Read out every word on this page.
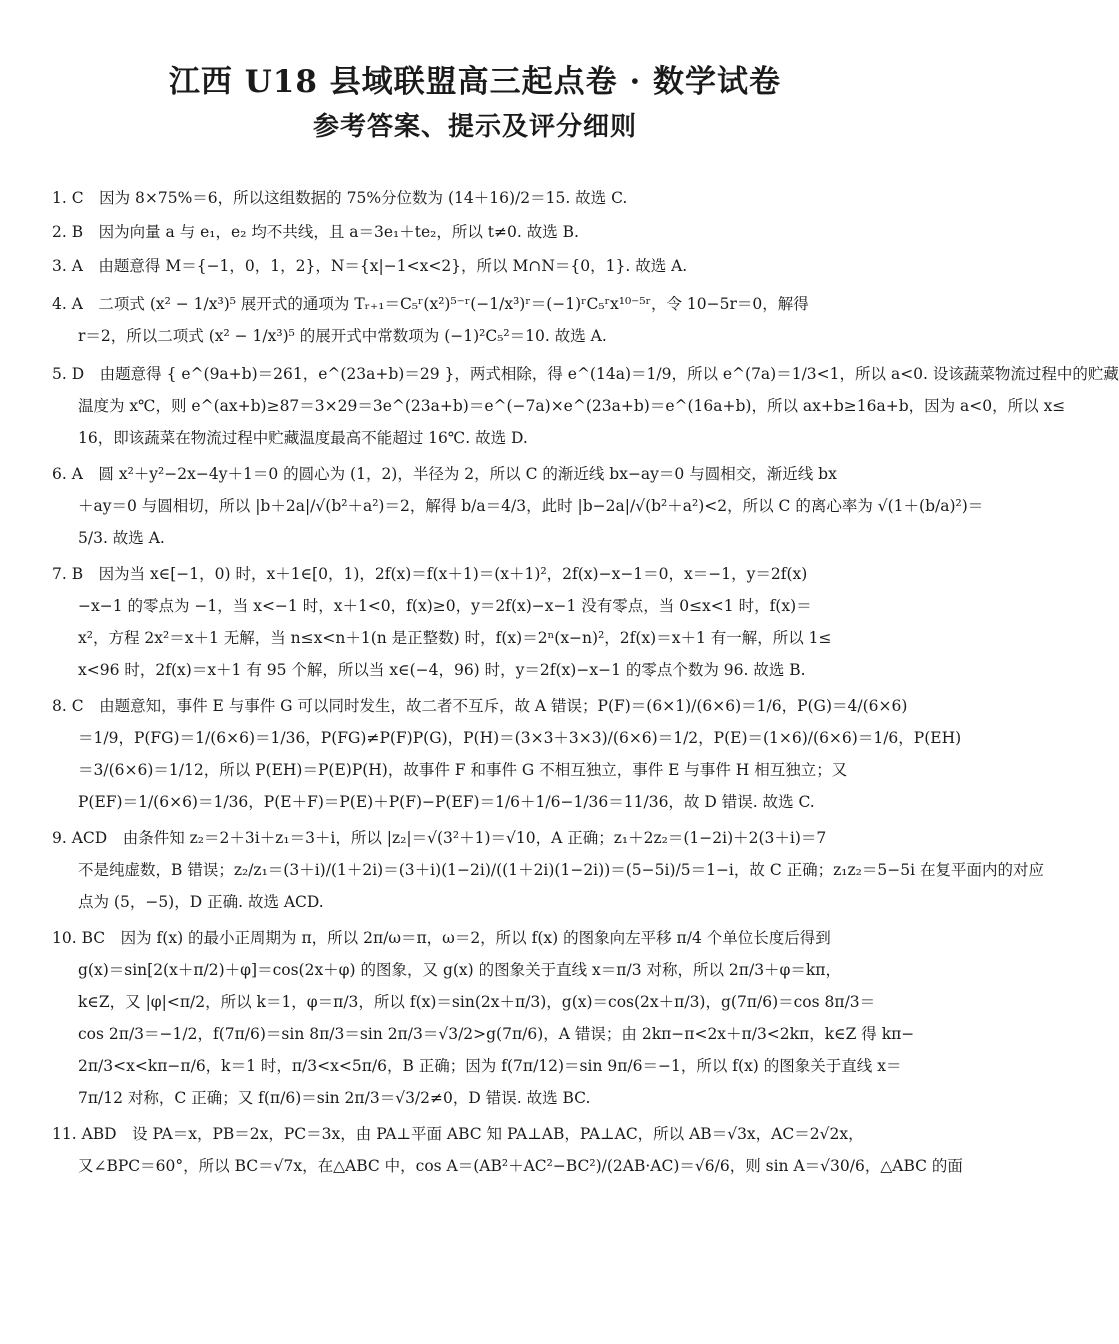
江西 U18 县域联盟高三起点卷 · 数学试卷
参考答案、提示及评分细则
1. C　因为 8×75%＝6，所以这组数据的 75%分位数为 (14＋16)/2＝15. 故选 C.
2. B　因为向量 a 与 e₁，e₂ 均不共线，且 a＝3e₁＋te₂，所以 t≠0. 故选 B.
3. A　由题意得 M＝{−1，0，1，2}，N＝{x|−1<x<2}，所以 M∩N＝{0，1}. 故选 A.
4. A　二项式 (x² − 1/x³)⁵ 展开式的通项为 Tᵣ₊₁＝C₅ʳ(x²)⁵⁻ʳ(−1/x³)ʳ＝(−1)ʳC₅ʳx¹⁰⁻⁵ʳ，令 10−5r＝0，解得
r＝2，所以二项式 (x² − 1/x³)⁵ 的展开式中常数项为 (−1)²C₅²＝10. 故选 A.
5. D　由题意得 { e^(9a+b)＝261，e^(23a+b)＝29 }，两式相除，得 e^(14a)＝1/9，所以 e^(7a)＝1/3<1，所以 a<0. 设该蔬菜物流过程中的贮藏
温度为 x℃，则 e^(ax+b)≥87＝3×29＝3e^(23a+b)＝e^(−7a)×e^(23a+b)＝e^(16a+b)，所以 ax+b≥16a+b，因为 a<0，所以 x≤
16，即该蔬菜在物流过程中贮藏温度最高不能超过 16℃. 故选 D.
6. A　圆 x²＋y²−2x−4y＋1＝0 的圆心为 (1，2)，半径为 2，所以 C 的渐近线 bx−ay＝0 与圆相交，渐近线 bx
＋ay＝0 与圆相切，所以 |b＋2a|/√(b²＋a²)＝2，解得 b/a＝4/3，此时 |b−2a|/√(b²＋a²)<2，所以 C 的离心率为 √(1＋(b/a)²)＝
5/3. 故选 A.
7. B　因为当 x∈[−1，0) 时，x＋1∈[0，1)，2f(x)＝f(x＋1)＝(x＋1)²，2f(x)−x−1＝0，x＝−1，y＝2f(x)
−x−1 的零点为 −1，当 x<−1 时，x＋1<0，f(x)≥0，y＝2f(x)−x−1 没有零点，当 0≤x<1 时，f(x)＝
x²，方程 2x²＝x＋1 无解，当 n≤x<n＋1(n 是正整数) 时，f(x)＝2ⁿ(x−n)²，2f(x)＝x＋1 有一解，所以 1≤
x<96 时，2f(x)＝x＋1 有 95 个解，所以当 x∈(−4，96) 时，y＝2f(x)−x−1 的零点个数为 96. 故选 B.
8. C　由题意知，事件 E 与事件 G 可以同时发生，故二者不互斥，故 A 错误；P(F)＝(6×1)/(6×6)＝1/6，P(G)＝4/(6×6)
＝1/9，P(FG)＝1/(6×6)＝1/36，P(FG)≠P(F)P(G)，P(H)＝(3×3＋3×3)/(6×6)＝1/2，P(E)＝(1×6)/(6×6)＝1/6，P(EH)
＝3/(6×6)＝1/12，所以 P(EH)＝P(E)P(H)，故事件 F 和事件 G 不相互独立，事件 E 与事件 H 相互独立；又
P(EF)＝1/(6×6)＝1/36，P(E＋F)＝P(E)＋P(F)−P(EF)＝1/6＋1/6−1/36＝11/36，故 D 错误. 故选 C.
9. ACD　由条件知 z₂＝2＋3i＋z₁＝3＋i，所以 |z₂|＝√(3²＋1)＝√10，A 正确；z₁＋2z₂＝(1−2i)＋2(3＋i)＝7
不是纯虚数，B 错误；z₂/z₁＝(3＋i)/(1＋2i)＝(3＋i)(1−2i)/((1＋2i)(1−2i))＝(5−5i)/5＝1−i，故 C 正确；z₁z₂＝5−5i 在复平面内的对应
点为 (5，−5)，D 正确. 故选 ACD.
10. BC　因为 f(x) 的最小正周期为 π，所以 2π/ω＝π，ω＝2，所以 f(x) 的图象向左平移 π/4 个单位长度后得到
g(x)＝sin[2(x＋π/2)＋φ]＝cos(2x＋φ) 的图象，又 g(x) 的图象关于直线 x＝π/3 对称，所以 2π/3＋φ＝kπ，
k∈Z，又 |φ|<π/2，所以 k＝1，φ＝π/3，所以 f(x)＝sin(2x＋π/3)，g(x)＝cos(2x＋π/3)，g(7π/6)＝cos 8π/3＝
cos 2π/3＝−1/2，f(7π/6)＝sin 8π/3＝sin 2π/3＝√3/2>g(7π/6)，A 错误；由 2kπ−π<2x＋π/3<2kπ，k∈Z 得 kπ−
2π/3<x<kπ−π/6，k＝1 时，π/3<x<5π/6，B 正确；因为 f(7π/12)＝sin 9π/6＝−1，所以 f(x) 的图象关于直线 x＝
7π/12 对称，C 正确；又 f(π/6)＝sin 2π/3＝√3/2≠0，D 错误. 故选 BC.
11. ABD　设 PA＝x，PB＝2x，PC＝3x，由 PA⊥平面 ABC 知 PA⊥AB，PA⊥AC，所以 AB＝√3x，AC＝2√2x，
又∠BPC＝60°，所以 BC＝√7x，在△ABC 中，cos A＝(AB²＋AC²−BC²)/(2AB·AC)＝√6/6，则 sin A＝√30/6，△ABC 的面
